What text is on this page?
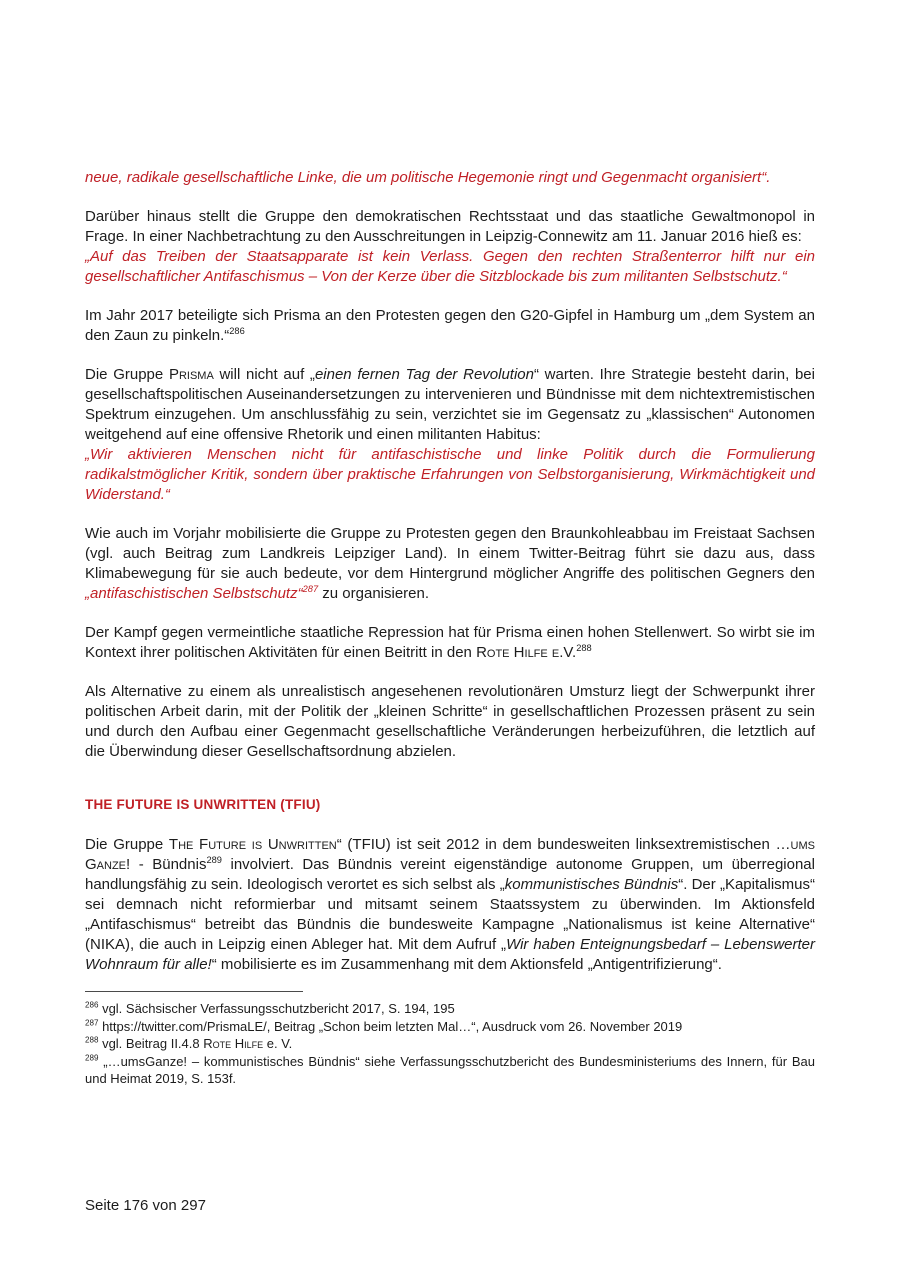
neue, radikale gesellschaftliche Linke, die um politische Hegemonie ringt und Gegenmacht organisiert“.

Darüber hinaus stellt die Gruppe den demokratischen Rechtsstaat und das staatliche Gewaltmonopol in Frage. In einer Nachbetrachtung zu den Ausschreitungen in Leipzig-Connewitz am 11. Januar 2016 hieß es:

„Auf das Treiben der Staatsapparate ist kein Verlass. Gegen den rechten Straßenterror hilft nur ein gesellschaftlicher Antifaschismus – Von der Kerze über die Sitzblockade bis zum militanten Selbstschutz.“

Im Jahr 2017 beteiligte sich Prisma an den Protesten gegen den G20-Gipfel in Hamburg um „dem System an den Zaun zu pinkeln.“$^{286}$

Die Gruppe Prisma will nicht auf „einen fernen Tag der Revolution“ warten. Ihre Strategie besteht darin, bei gesellschaftspolitischen Auseinandersetzungen zu intervenieren und Bündnisse mit dem nichtextremistischen Spektrum einzugehen. Um anschlussfähig zu sein, verzichtet sie im Gegensatz zu „klassischen“ Autonomen weitgehend auf eine offensive Rhetorik und einen militanten Habitus:

„Wir aktivieren Menschen nicht für antifaschistische und linke Politik durch die Formulierung radikalstmöglicher Kritik, sondern über praktische Erfahrungen von Selbstorganisierung, Wirkmächtigkeit und Widerstand.“

Wie auch im Vorjahr mobilisierte die Gruppe zu Protesten gegen den Braunkohleabbau im Freistaat Sachsen (vgl. auch Beitrag zum Landkreis Leipziger Land). In einem Twitter-Beitrag führt sie dazu aus, dass Klimabewegung für sie auch bedeute, vor dem Hintergrund möglicher Angriffe des politischen Gegners den „antifaschistischen Selbstschutz“$^{287}$ zu organisieren.

Der Kampf gegen vermeintliche staatliche Repression hat für Prisma einen hohen Stellenwert. So wirbt sie im Kontext ihrer politischen Aktivitäten für einen Beitritt in den Rote Hilfe e.V.$^{288}$

Als Alternative zu einem als unrealistisch angesehenen revolutionären Umsturz liegt der Schwerpunkt ihrer politischen Arbeit darin, mit der Politik der „kleinen Schritte“ in gesellschaftlichen Prozessen präsent zu sein und durch den Aufbau einer Gegenmacht gesellschaftliche Veränderungen herbeizuführen, die letztlich auf die Überwindung dieser Gesellschaftsordnung abzielen.

THE FUTURE IS UNWRITTEN (TFIU)

Die Gruppe The Future is Unwritten“ (TFIU) ist seit 2012 in dem bundesweiten linksextremistischen …ums Ganze! - Bündnis$^{289}$ involviert. Das Bündnis vereint eigenständige autonome Gruppen, um überregional handlungsfähig zu sein. Ideologisch verortet es sich selbst als „kommunistisches Bündnis“. Der „Kapitalismus“ sei demnach nicht reformierbar und mitsamt seinem Staatssystem zu überwinden. Im Aktionsfeld „Antifaschismus“ betreibt das Bündnis die bundesweite Kampagne „Nationalismus ist keine Alternative“ (NIKA), die auch in Leipzig einen Ableger hat. Mit dem Aufruf „Wir haben Enteignungsbedarf – Lebenswerter Wohnraum für alle!“ mobilisierte es im Zusammenhang mit dem Aktionsfeld „Antigentrifizierung“.

$^{286}$ vgl. Sächsischer Verfassungsschutzbericht 2017, S. 194, 195

$^{287}$ https://twitter.com/PrismaLE/, Beitrag „Schon beim letzten Mal…“, Ausdruck vom 26. November 2019

$^{288}$ vgl. Beitrag II.4.8 Rote Hilfe e. V.

$^{289}$ „…umsGanze! – kommunistisches Bündnis“ siehe Verfassungsschutzbericht des Bundesministeriums des Innern, für Bau und Heimat 2019, S. 153f.

Seite 176 von 297
